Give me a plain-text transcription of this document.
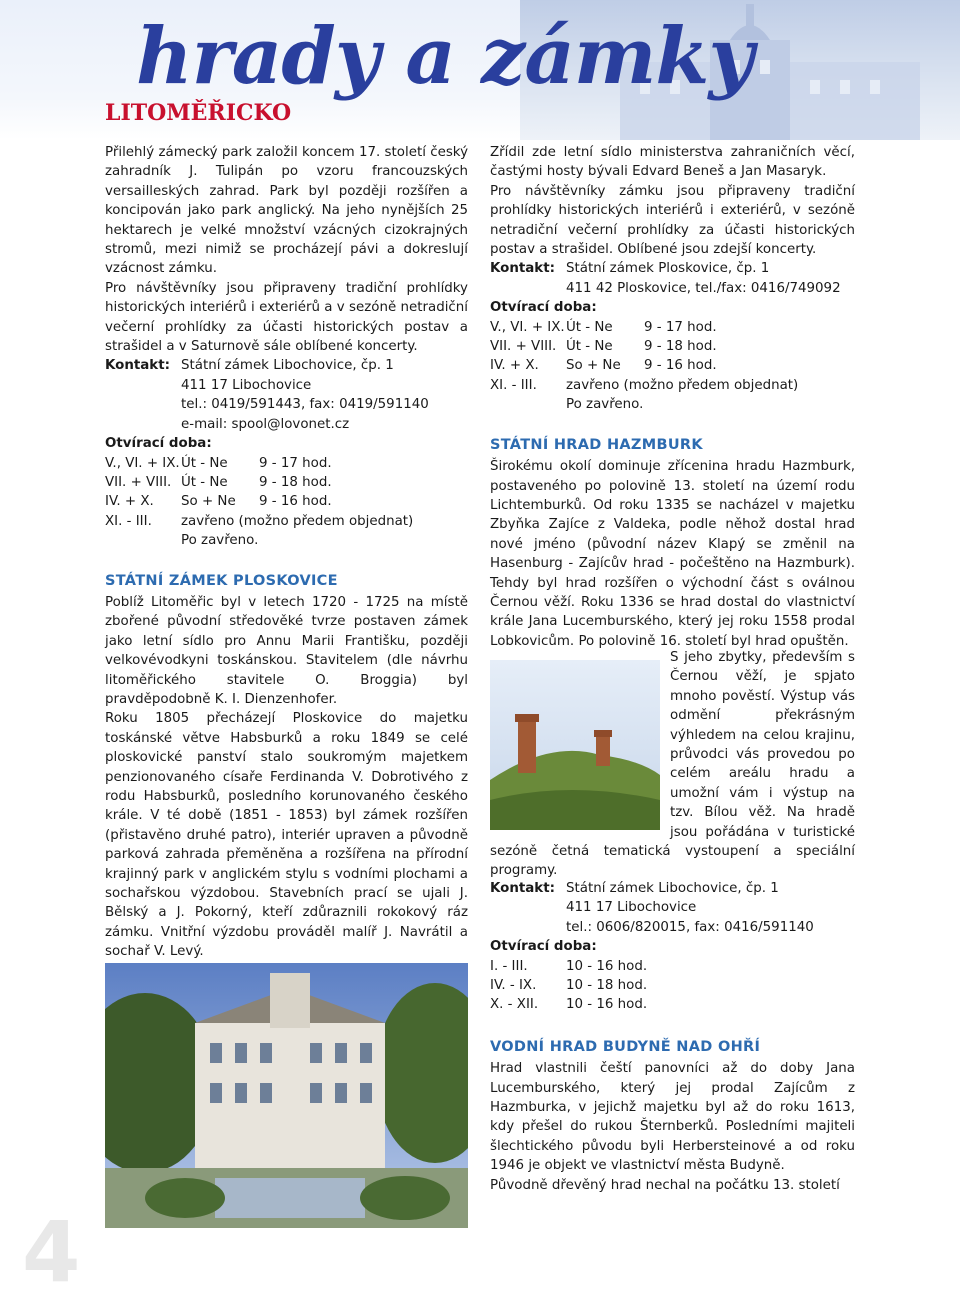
hrady a zámky
LITOMĚŘICKO

Přilehlý zámecký park založil koncem 17. století český zahradník J. Tulipán po vzoru francouzských versailleských zahrad. Park byl později rozšířen a koncipován jako park anglický. Na jeho nynějších 25 hektarech je velké množství vzácných cizokrajných stromů, mezi nimiž se procházejí pávi a dokreslují vzácnost zámku.

Pro návštěvníky jsou připraveny tradiční prohlídky historických interiérů i exteriérů a v sezóně netradiční večerní prohlídky za účasti historických postav a strašidel a v Saturnově sále oblíbené koncerty.

Kontakt: Státní zámek Libochovice, čp. 1
411 17 Libochovice
tel.: 0419/591443, fax: 0419/591140
e-mail: spool@lovonet.cz
Otvírací doba:
V., VI. + IX. Út - Ne	9 - 17 hod.
VII. + VIII. Út - Ne	9 - 18 hod.
IV. + X.	So + Ne	9 - 16 hod.
XI. - III.	zavřeno (možno předem objednat)
Po zavřeno.
STÁTNÍ ZÁMEK PLOSKOVICE

Poblíž Litoměřic byl v letech 1720 - 1725 na místě zbořené původní středověké tvrze postaven zámek jako letní sídlo pro Annu Marii Františku, později velkovévodkyni toskánskou. Stavitelem (dle návrhu litoměřického stavitele O. Broggia) byl pravděpodobně K. I. Dienzenhofer.

Roku 1805 přecházejí Ploskovice do majetku toskánské větve Habsburků a roku 1849 se celé ploskovické panství stalo soukromým majetkem penzionovaného císaře Ferdinanda V. Dobrotivého z rodu Habsburků, posledního korunovaného českého krále. V té době (1851 - 1853) byl zámek rozšířen (přistavěno druhé patro), interiér upraven a původně parková zahrada přeměněna a rozšířena na přírodní krajinný park v anglickém stylu s vodními plochami a sochařskou výzdobou. Stavebních prací se ujali J. Bělský a J. Pokorný, kteří zdůraznili rokokový ráz zámku. Vnitřní výzdobu prováděl malíř J. Navrátil a sochař V. Levý.

Zřídil zde letní sídlo ministerstva zahraničních věcí, častými hosty bývali Edvard Beneš a Jan Masaryk.

Pro návštěvníky zámku jsou připraveny tradiční prohlídky historických interiérů i exteriérů, v sezóně netradiční večerní prohlídky za účasti historických postav a strašidel. Oblíbené jsou zdejší koncerty.

Kontakt: Státní zámek Ploskovice, čp. 1
411 42 Ploskovice, tel./fax: 0416/749092
Otvírací doba:
V., VI. + IX. Út - Ne	9 - 17 hod.
VII. + VIII. Út - Ne	9 - 18 hod.
IV. + X.	So + Ne	9 - 16 hod.
XI. - III.	zavřeno (možno předem objednat)
Po zavřeno.
STÁTNÍ HRAD HAZMBURK

Širokému okolí dominuje zřícenina hradu Hazmburk, postaveného po polovině 13. století na území rodu Lichtemburků. Od roku 1335 se nacházel v majetku Zbyňka Zajíce z Valdeka, podle něhož dostal hrad nové jméno (původní název Klapý se změnil na Hasenburg - Zajícův hrad - počeštěno na Hazmburk). Tehdy byl hrad rozšířen o východní část s oválnou Černou věží. Roku 1336 se hrad dostal do vlastnictví krále Jana Lucemburského, který jej roku 1558 prodal Lobkovicům. Po polovině 16. století byl hrad opuštěn.

S jeho zbytky, především s Černou věží, je spjato mnoho pověstí. Výstup vás odmění překrásným výhledem na celou krajinu, průvodci vás provedou po celém areálu hradu a umožní vám i výstup na tzv. Bílou věž. Na hradě jsou pořádána v turistické sezóně četná tematická vystoupení a speciální programy.

Kontakt: Státní zámek Libochovice, čp. 1
411 17 Libochovice
tel.: 0606/820015, fax: 0416/591140
Otvírací doba:
I. - III.	10 - 16 hod.
IV. - IX.	10 - 18 hod.
X. - XII.	10 - 16 hod.
VODNÍ HRAD BUDYNĚ NAD OHŘÍ

Hrad vlastnili čeští panovníci až do doby Jana Lucemburského, který jej prodal Zajícům z Hazmburka, v jejichž majetku byl až do roku 1613, kdy přešel do rukou Šternberků. Posledními majiteli šlechtického původu byli Herbersteinové a od roku 1946 je objekt ve vlastnictví města Budyně.

Původně dřevěný hrad nechal na počátku 13. století

4
